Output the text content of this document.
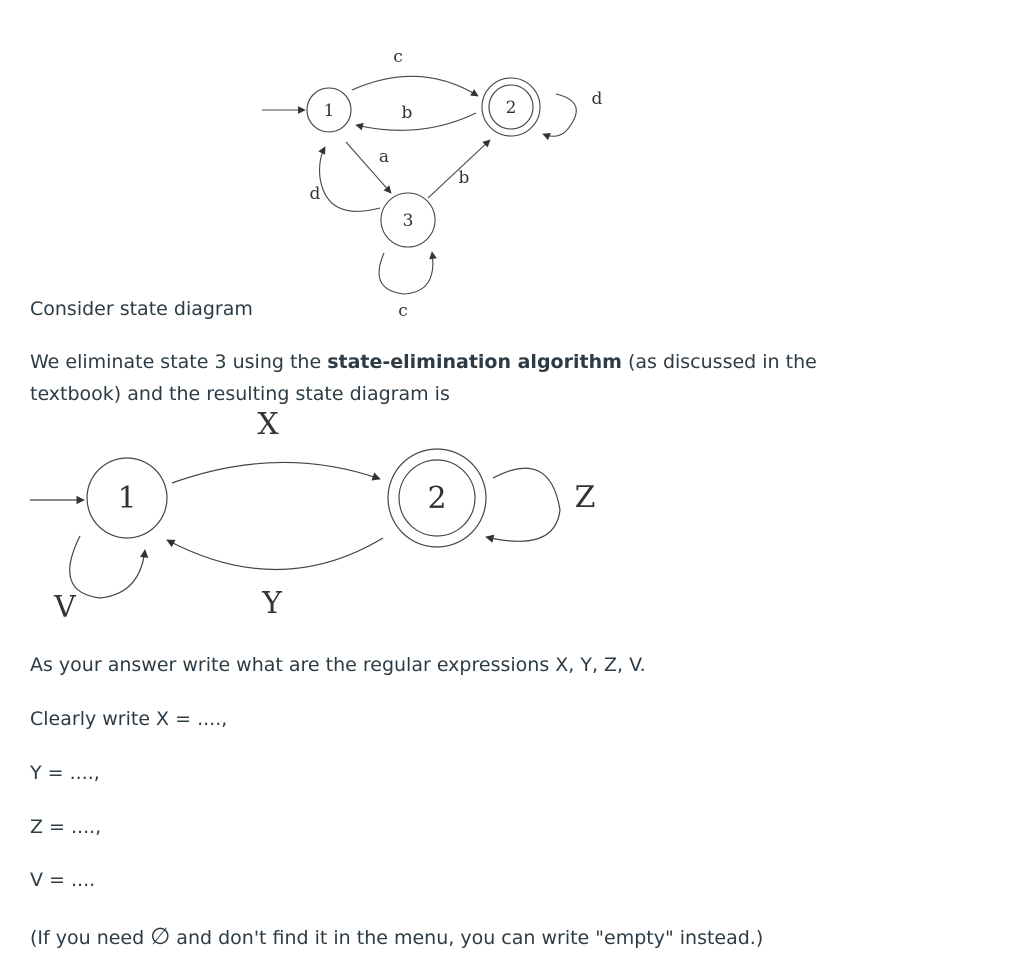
1	2
3
c
b
d
a
d
b
c
1	2
X
Y
Z
V

Consider state diagram

We eliminate state 3 using the state-elimination algorithm (as discussed in the textbook) and the resulting state diagram is

As your answer write what are the regular expressions X, Y, Z, V.

Clearly write X = ....,

Y = ....,

Z = ....,

V = ....

(If you need ∅ and don't find it in the menu, you can write "empty" instead.)
